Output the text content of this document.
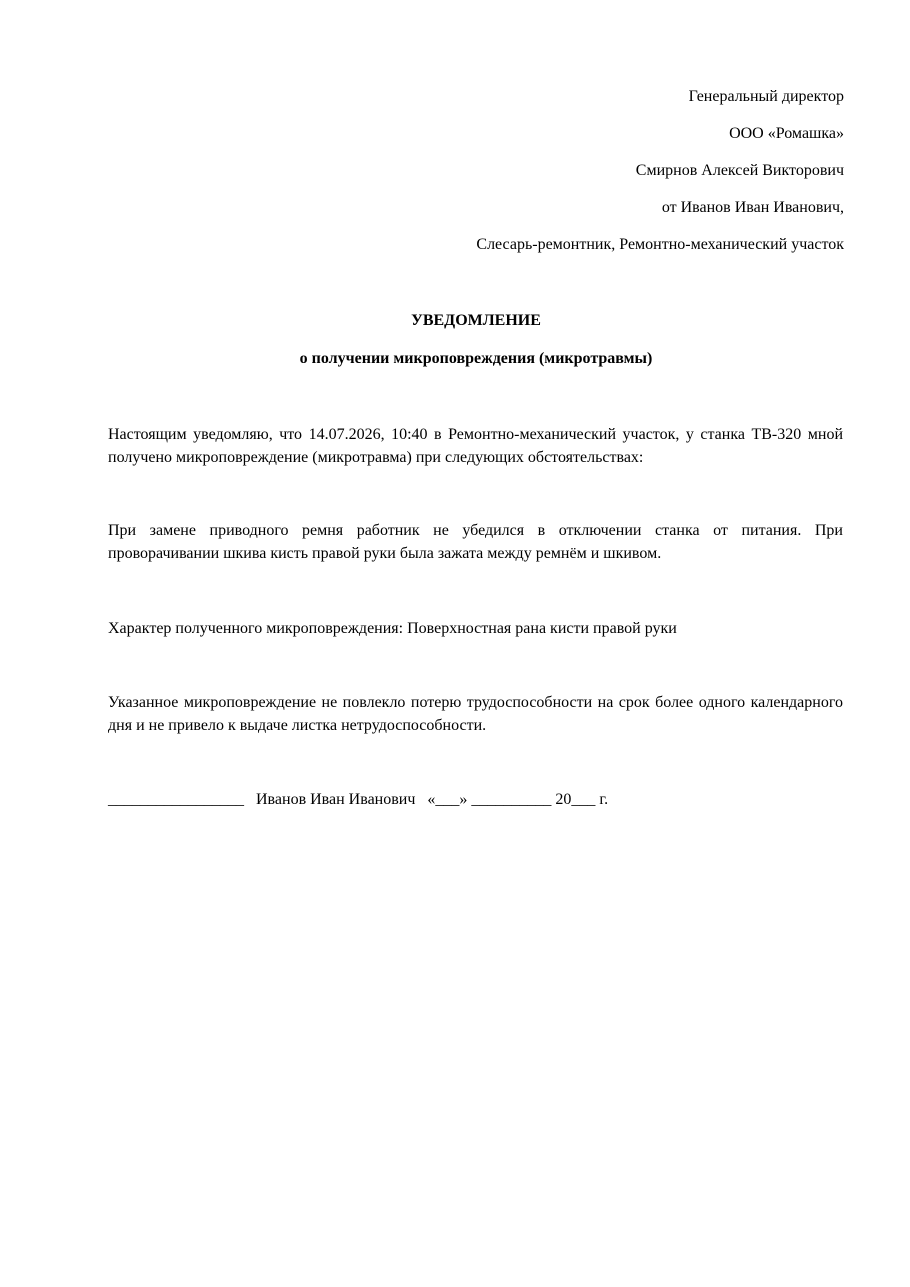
Генеральный директор
ООО «Ромашка»
Смирнов Алексей Викторович
от Иванов Иван Иванович,
Слесарь-ремонтник, Ремонтно-механический участок
УВЕДОМЛЕНИЕ
о получении микроповреждения (микротравмы)
Настоящим уведомляю, что 14.07.2026, 10:40 в Ремонтно-механический участок, у станка ТВ-320 мной получено микроповреждение (микротравма) при следующих обстоятельствах:
При замене приводного ремня работник не убедился в отключении станка от питания. При проворачивании шкива кисть правой руки была зажата между ремнём и шкивом.
Характер полученного микроповреждения: Поверхностная рана кисти правой руки
Указанное микроповреждение не повлекло потерю трудоспособности на срок более одного календарного дня и не привело к выдаче листка нетрудоспособности.
_________________   Иванов Иван Иванович   «___» __________ 20___ г.
